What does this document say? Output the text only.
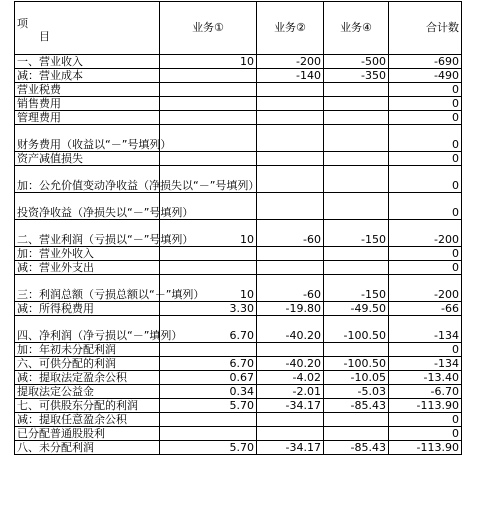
项
目	业务①	业务②	业务④	合计数
一、营业收入	10	-200	-500	-690
减：营业成本		-140	-350	-490
营业税费				0
销售费用				0
管理费用				0
财务费用（收益以“－”号填列）				0
资产减值损失				0
加：公允价值变动净收益（净损失以“－”号填列）				0
投资净收益（净损失以“－”号填列）				0
二、营业利润（亏损以“－”号填列）	10	-60	-150	-200
加：营业外收入				0
减：营业外支出				0
三：利润总额（亏损总额以“－”填列）	10	-60	-150	-200
减：所得税费用	3.30	-19.80	-49.50	-66
四、净利润（净亏损以“－”填列）	6.70	-40.20	-100.50	-134
加：年初未分配利润				0
六、可供分配的利润	6.70	-40.20	-100.50	-134
减：提取法定盈余公积	0.67	-4.02	-10.05	-13.40
提取法定公益金	0.34	-2.01	-5.03	-6.70
七、可供股东分配的利润	5.70	-34.17	-85.43	-113.90
减：提取任意盈余公积				0
已分配普通股股利				0
八、未分配利润	5.70	-34.17	-85.43	-113.90
